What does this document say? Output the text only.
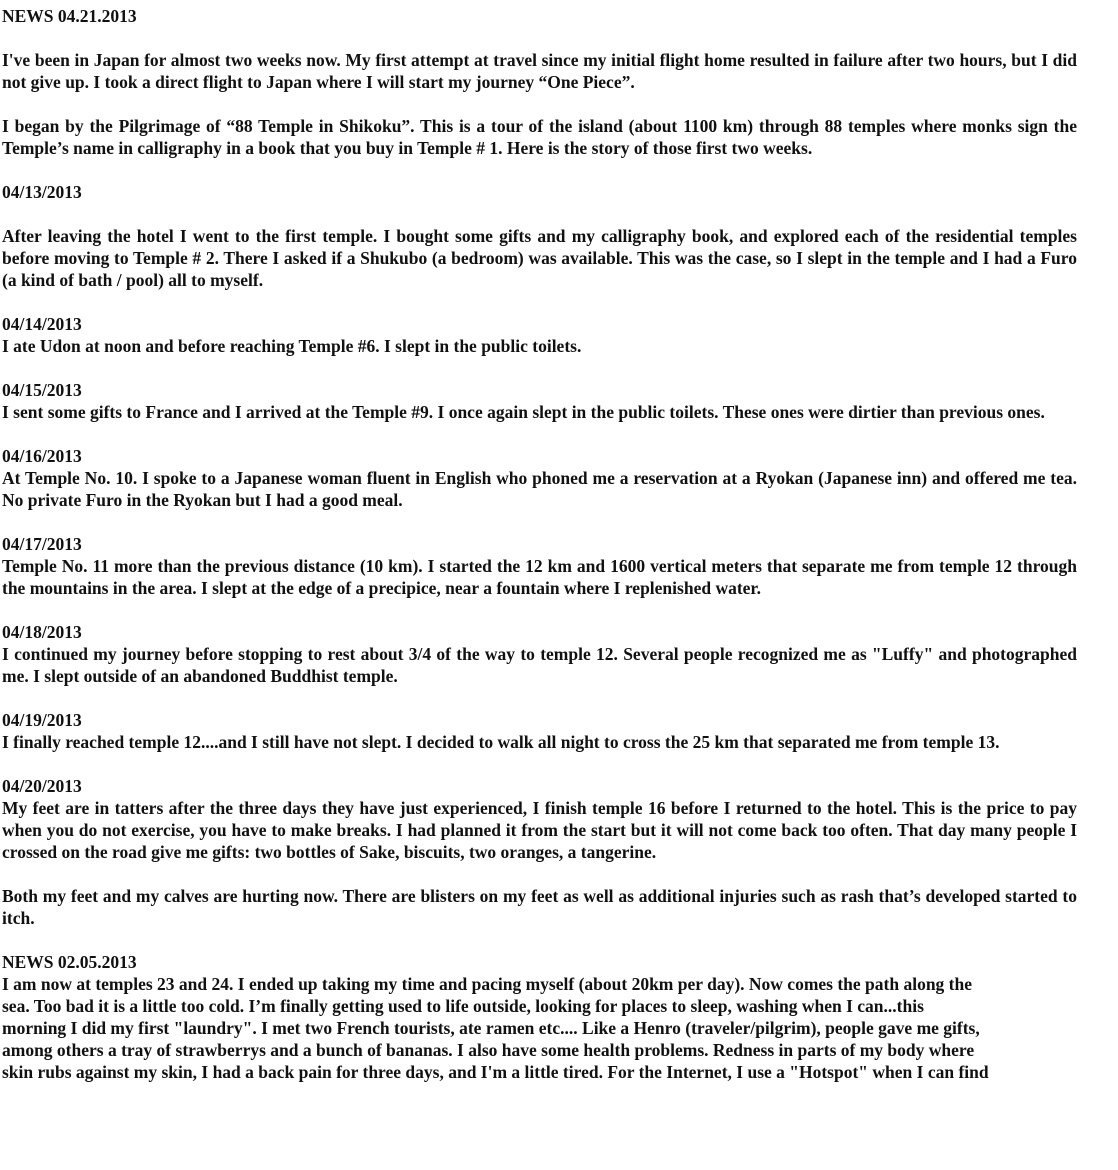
NEWS 04.21.2013

I've been in Japan for almost two weeks now. My first attempt at travel since my initial flight home resulted in failure after two hours, but I did not give up. I took a direct flight to Japan where I will start my journey “One Piece”.

I began by the Pilgrimage of “88 Temple in Shikoku”. This is a tour of the island (about 1100 km) through 88 temples where monks sign the Temple’s name in calligraphy in a book that you buy in Temple # 1. Here is the story of those first two weeks.

04/13/2013

After leaving the hotel I went to the first temple. I bought some gifts and my calligraphy book, and explored each of the residential temples before moving to Temple # 2. There I asked if a Shukubo (a bedroom) was available. This was the case, so I slept in the temple and I had a Furo (a kind of bath / pool) all to myself.

04/14/2013

I ate Udon at noon and before reaching Temple #6. I slept in the public toilets.

04/15/2013

I sent some gifts to France and I arrived at the Temple #9. I once again slept in the public toilets. These ones were dirtier than previous ones.

04/16/2013

At Temple No. 10. I spoke to a Japanese woman fluent in English who phoned me a reservation at a Ryokan (Japanese inn) and offered me tea. No private Furo in the Ryokan but I had a good meal.

04/17/2013

Temple No. 11 more than the previous distance (10 km). I started the 12 km and 1600 vertical meters that separate me from temple 12 through the mountains in the area. I slept at the edge of a precipice, near a fountain where I replenished water.

04/18/2013

I continued my journey before stopping to rest about 3/4 of the way to temple 12. Several people recognized me as "Luffy" and photographed me. I slept outside of an abandoned Buddhist temple.

04/19/2013

I finally reached temple 12....and I still have not slept. I decided to walk all night to cross the 25 km that separated me from temple 13.

04/20/2013

My feet are in tatters after the three days they have just experienced, I finish temple 16 before I returned to the hotel. This is the price to pay when you do not exercise, you have to make breaks. I had planned it from the start but it will not come back too often. That day many people I crossed on the road give me gifts: two bottles of Sake, biscuits, two oranges, a tangerine.

Both my feet and my calves are hurting now. There are blisters on my feet as well as additional injuries such as rash that’s developed started to itch.

NEWS 02.05.2013

I am now at temples 23 and 24. I ended up taking my time and pacing myself (about 20km per day). Now comes the path along the
sea. Too bad it is a little too cold. I’m finally getting used to life outside, looking for places to sleep, washing when I can...this
morning I did my first "laundry". I met two French tourists, ate ramen etc.... Like a Henro (traveler/pilgrim), people gave me gifts,
among others a tray of strawberrys and a bunch of bananas. I also have some health problems. Redness in parts of my body where
skin rubs against my skin, I had a back pain for three days, and I'm a little tired. For the Internet, I use a "Hotspot" when I can find
